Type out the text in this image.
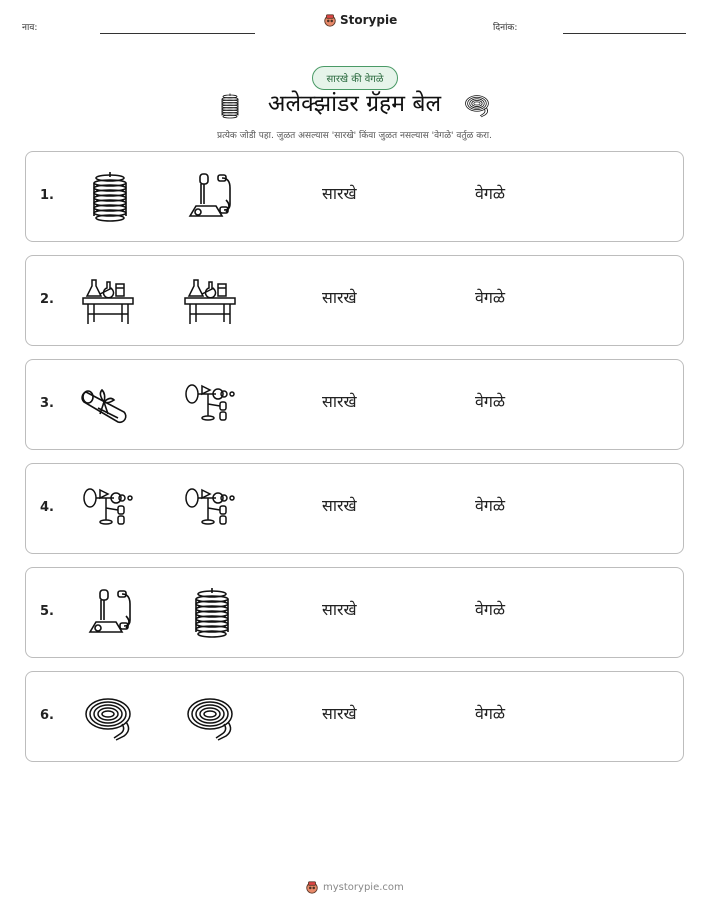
नाव:
Storypie
दिनांक:
सारखे की वेगळे
अलेक्झांडर ग्रॅहम बेल
प्रत्येक जोडी पहा. जुळत असल्यास 'सारखे' किंवा जुळत नसल्यास 'वेगळे' वर्तुळ करा.
1.	सारखे	वेगळे
2.	सारखे	वेगळे
3.	सारखे	वेगळे
4.	सारखे	वेगळे
5.	सारखे	वेगळे
6.	सारखे	वेगळे
mystorypie.com
